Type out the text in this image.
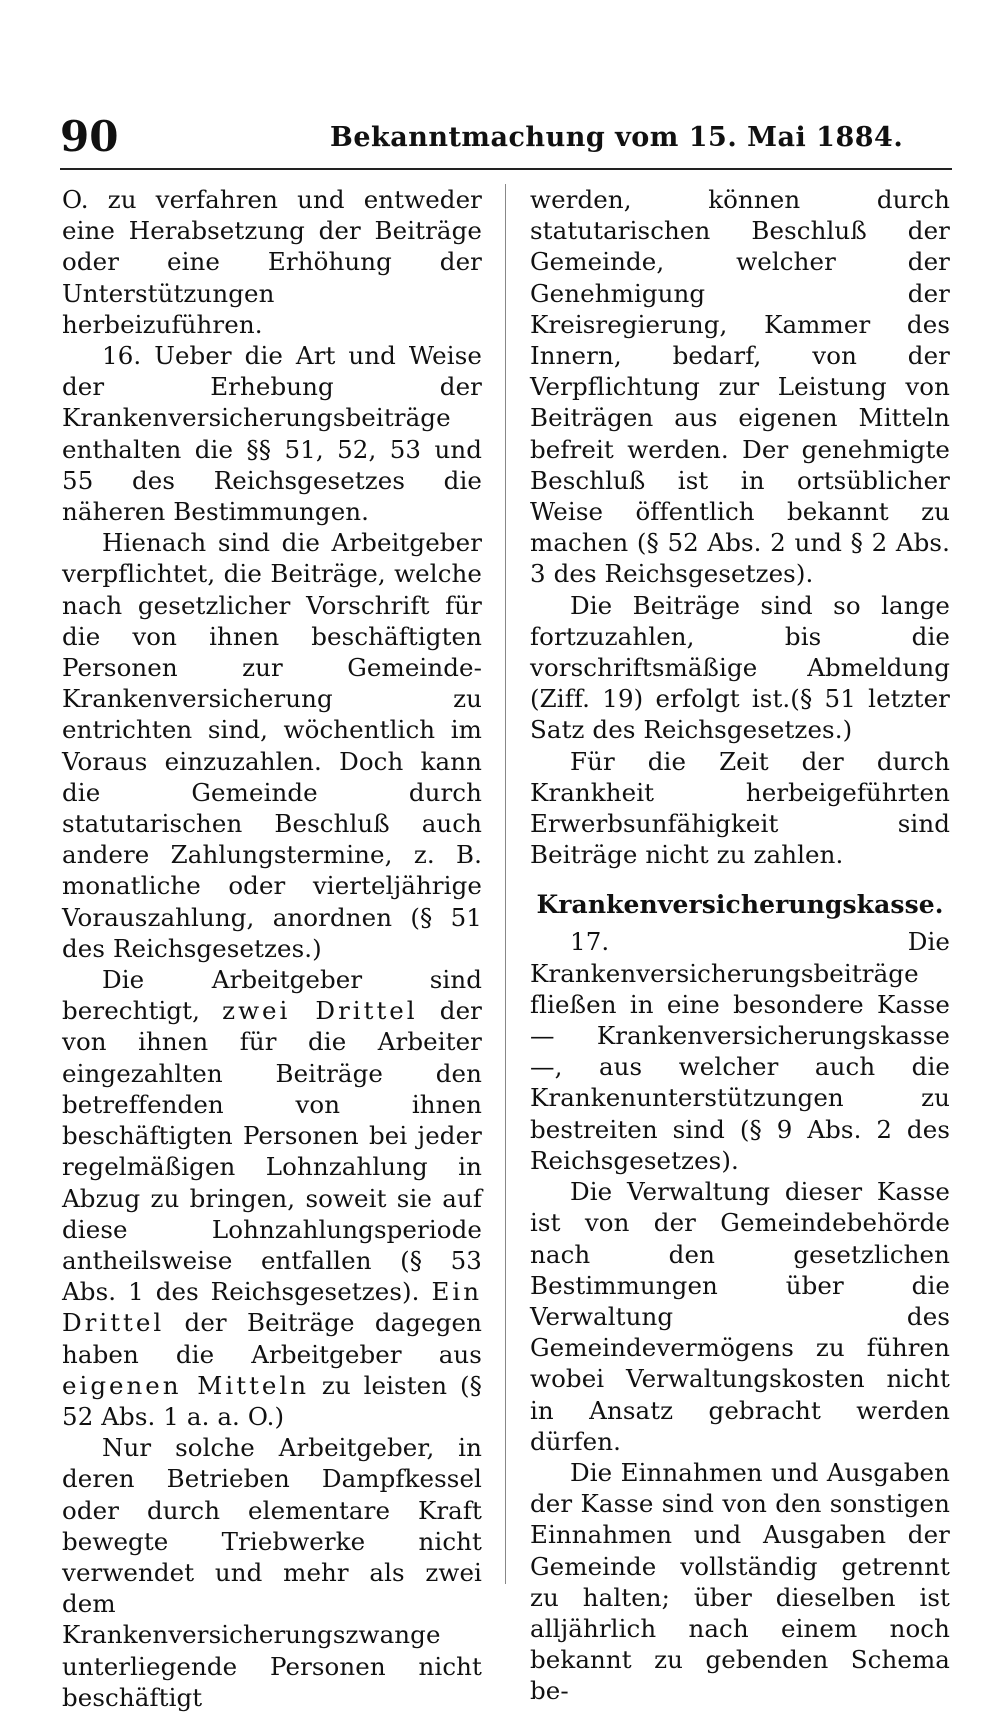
90	Bekanntmachung vom 15. Mai 1884.

O. zu verfahren und entweder eine Herabsetzung der Beiträge oder eine Erhöhung der Unterstützungen herbeizuführen.

16. Ueber die Art und Weise der Erhebung der Krankenversicherungsbeiträge enthalten die §§ 51, 52, 53 und 55 des Reichsgesetzes die näheren Bestimmungen.

Hienach sind die Arbeitgeber verpflichtet, die Beiträge, welche nach gesetzlicher Vorschrift für die von ihnen beschäftigten Personen zur Gemeinde-Krankenversicherung zu entrichten sind, wöchentlich im Voraus einzuzahlen. Doch kann die Gemeinde durch statutarischen Beschluß auch andere Zahlungstermine, z. B. monatliche oder vierteljährige Vorauszahlung, anordnen (§ 51 des Reichsgesetzes.)

Die Arbeitgeber sind berechtigt, zwei Drittel der von ihnen für die Arbeiter eingezahlten Beiträge den betreffenden von ihnen beschäftigten Personen bei jeder regelmäßigen Lohnzahlung in Abzug zu bringen, soweit sie auf diese Lohnzahlungsperiode antheilsweise entfallen (§ 53 Abs. 1 des Reichsgesetzes). Ein Drittel der Beiträge dagegen haben die Arbeitgeber aus eigenen Mitteln zu leisten (§ 52 Abs. 1 a. a. O.)

Nur solche Arbeitgeber, in deren Betrieben Dampfkessel oder durch elementare Kraft bewegte Triebwerke nicht verwendet und mehr als zwei dem Krankenversicherungszwange unterliegende Personen nicht beschäftigt

werden, können durch statutarischen Beschluß der Gemeinde, welcher der Genehmigung der Kreisregierung, Kammer des Innern, bedarf, von der Verpflichtung zur Leistung von Beiträgen aus eigenen Mitteln befreit werden. Der genehmigte Beschluß ist in ortsüblicher Weise öffentlich bekannt zu machen (§ 52 Abs. 2 und § 2 Abs. 3 des Reichsgesetzes).

Die Beiträge sind so lange fortzuzahlen, bis die vorschriftsmäßige Abmeldung (Ziff. 19) erfolgt ist.(§ 51 letzter Satz des Reichsgesetzes.)

Für die Zeit der durch Krankheit herbeigeführten Erwerbsunfähigkeit sind Beiträge nicht zu zahlen.

Krankenversicherungskasse.

17. Die Krankenversicherungsbeiträge fließen in eine besondere Kasse — Krankenversicherungskasse —, aus welcher auch die Krankenunterstützungen zu bestreiten sind (§ 9 Abs. 2 des Reichsgesetzes).

Die Verwaltung dieser Kasse ist von der Gemeindebehörde nach den gesetzlichen Bestimmungen über die Verwaltung des Gemeindevermögens zu führen wobei Verwaltungskosten nicht in Ansatz gebracht werden dürfen.

Die Einnahmen und Ausgaben der Kasse sind von den sonstigen Einnahmen und Ausgaben der Gemeinde vollständig getrennt zu halten; über dieselben ist alljährlich nach einem noch bekannt zu gebenden Schema be-
